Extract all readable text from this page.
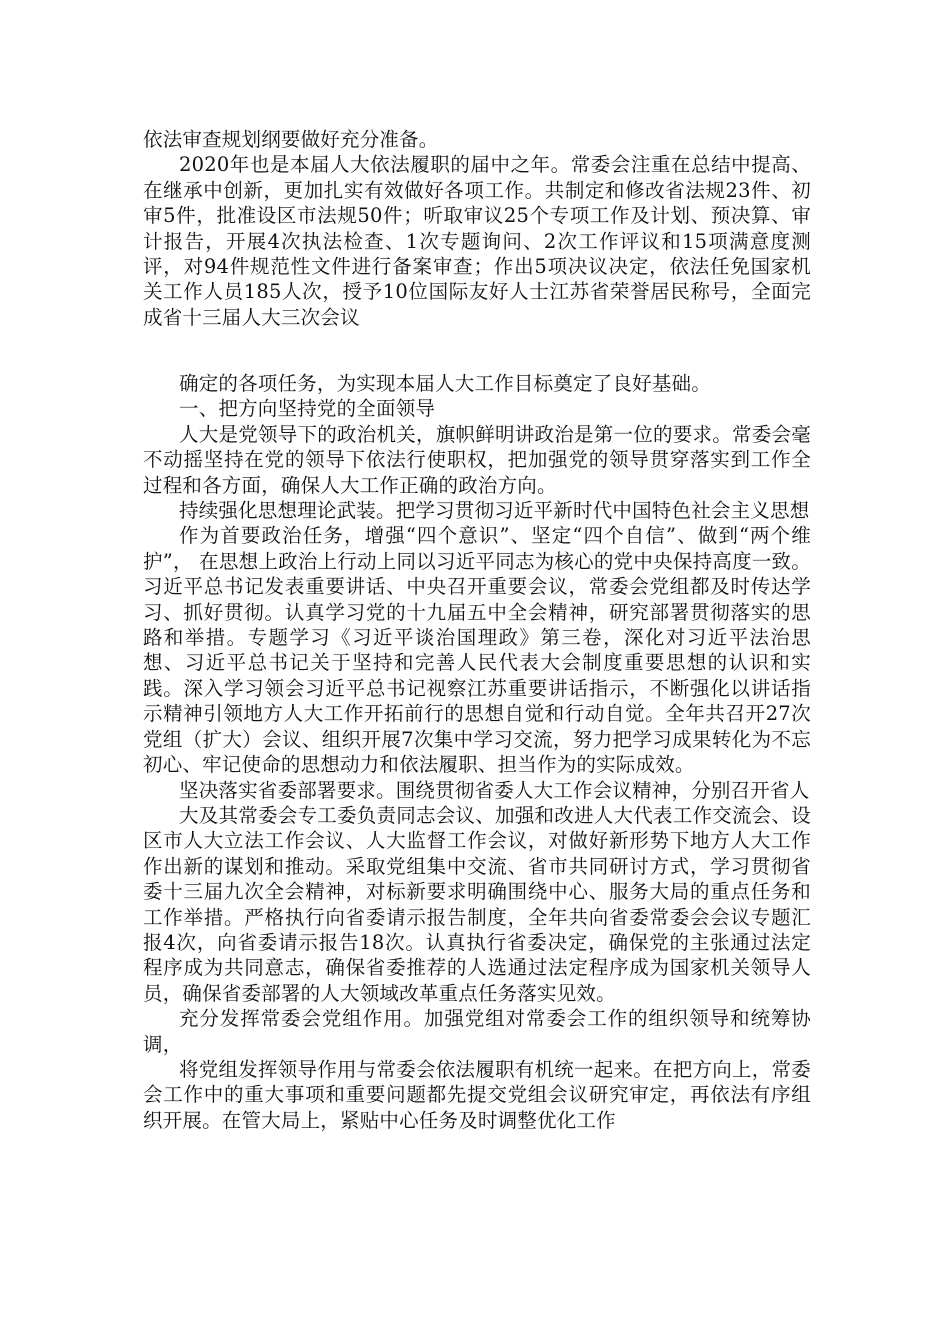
依法审查规划纲要做好充分准备。

2020年也是本届人大依法履职的届中之年。常委会注重在总结中提高、在继承中创新，更加扎实有效做好各项工作。共制定和修改省法规23件、初审5件，批准设区市法规50件；听取审议25个专项工作及计划、预决算、审计报告，开展4次执法检查、1次专题询问、2次工作评议和15项满意度测评，对94件规范性文件进行备案审查；作出5项决议决定，依法任免国家机关工作人员185人次，授予10位国际友好人士江苏省荣誉居民称号，全面完成省十三届人大三次会议

确定的各项任务，为实现本届人大工作目标奠定了良好基础。

一、把方向坚持党的全面领导

人大是党领导下的政治机关，旗帜鲜明讲政治是第一位的要求。常委会毫不动摇坚持在党的领导下依法行使职权，把加强党的领导贯穿落实到工作全过程和各方面，确保人大工作正确的政治方向。

持续强化思想理论武装。把学习贯彻习近平新时代中国特色社会主义思想

作为首要政治任务，增强“四个意识”、坚定“四个自信”、做到“两个维护”， 在思想上政治上行动上同以习近平同志为核心的党中央保持高度一致。习近平总书记发表重要讲话、中央召开重要会议，常委会党组都及时传达学习、抓好贯彻。认真学习党的十九届五中全会精神，研究部署贯彻落实的思路和举措。专题学习《习近平谈治国理政》第三卷，深化对习近平法治思想、习近平总书记关于坚持和完善人民代表大会制度重要思想的认识和实践。深入学习领会习近平总书记视察江苏重要讲话指示，不断强化以讲话指示精神引领地方人大工作开拓前行的思想自觉和行动自觉。全年共召开27次党组（扩大）会议、组织开展7次集中学习交流，努力把学习成果转化为不忘初心、牢记使命的思想动力和依法履职、担当作为的实际成效。

坚决落实省委部署要求。围绕贯彻省委人大工作会议精神，分别召开省人

大及其常委会专工委负责同志会议、加强和改进人大代表工作交流会、设区市人大立法工作会议、人大监督工作会议，对做好新形势下地方人大工作作出新的谋划和推动。采取党组集中交流、省市共同研讨方式，学习贯彻省委十三届九次全会精神，对标新要求明确围绕中心、服务大局的重点任务和工作举措。严格执行向省委请示报告制度，全年共向省委常委会会议专题汇报4次，向省委请示报告18次。认真执行省委决定，确保党的主张通过法定程序成为共同意志，确保省委推荐的人选通过法定程序成为国家机关领导人员，确保省委部署的人大领域改革重点任务落实见效。

充分发挥常委会党组作用。加强党组对常委会工作的组织领导和统筹协调，

将党组发挥领导作用与常委会依法履职有机统一起来。在把方向上，常委会工作中的重大事项和重要问题都先提交党组会议研究审定，再依法有序组织开展。在管大局上，紧贴中心任务及时调整优化工作
